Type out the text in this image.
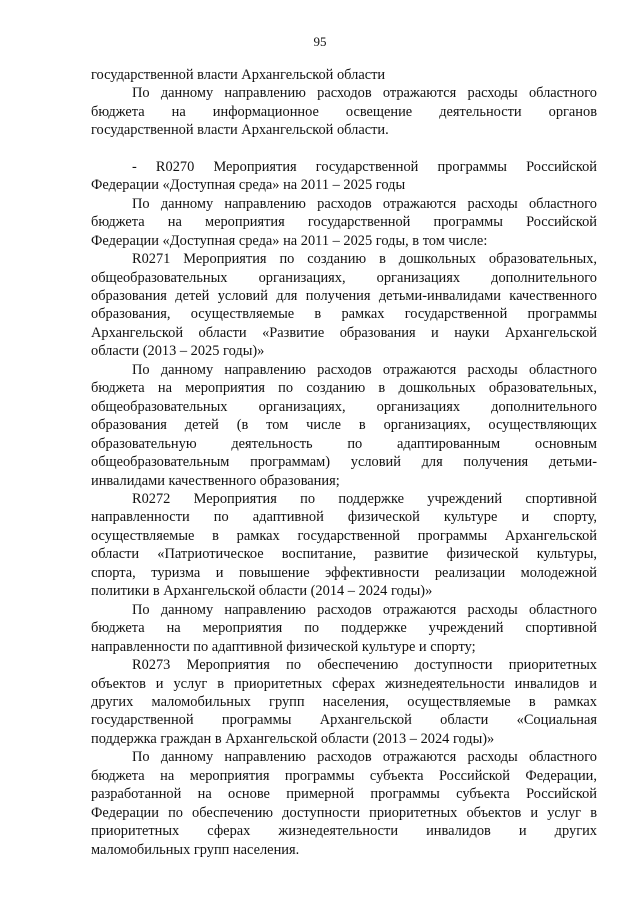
95
государственной власти Архангельской области
По данному направлению расходов отражаются расходы областного
бюджета на информационное освещение деятельности органов
государственной власти Архангельской области.
- R0270 Мероприятия государственной программы Российской
Федерации «Доступная среда» на 2011 – 2025 годы
По данному направлению расходов отражаются расходы областного
бюджета на мероприятия государственной программы Российской
Федерации «Доступная среда» на 2011 – 2025 годы, в том числе:
R0271 Мероприятия по созданию в дошкольных образовательных,
общеобразовательных организациях, организациях дополнительного
образования детей условий для получения детьми-инвалидами качественного
образования, осуществляемые в рамках государственной программы
Архангельской области «Развитие образования и науки Архангельской
области (2013 – 2025 годы)»
По данному направлению расходов отражаются расходы областного
бюджета на мероприятия по созданию в дошкольных образовательных,
общеобразовательных организациях, организациях дополнительного
образования детей (в том числе в организациях, осуществляющих
образовательную деятельность по адаптированным основным
общеобразовательным программам) условий для получения детьми-
инвалидами качественного образования;
R0272 Мероприятия по поддержке учреждений спортивной
направленности по адаптивной физической культуре и спорту,
осуществляемые в рамках государственной программы Архангельской
области «Патриотическое воспитание, развитие физической культуры,
спорта, туризма и повышение эффективности реализации молодежной
политики в Архангельской области (2014 – 2024 годы)»
По данному направлению расходов отражаются расходы областного
бюджета на мероприятия по поддержке учреждений спортивной
направленности по адаптивной физической культуре и спорту;
R0273 Мероприятия по обеспечению доступности приоритетных
объектов и услуг в приоритетных сферах жизнедеятельности инвалидов и
других маломобильных групп населения, осуществляемые в рамках
государственной программы Архангельской области «Социальная
поддержка граждан в Архангельской области (2013 – 2024 годы)»
По данному направлению расходов отражаются расходы областного
бюджета на мероприятия программы субъекта Российской Федерации,
разработанной на основе примерной программы субъекта Российской
Федерации по обеспечению доступности приоритетных объектов и услуг в
приоритетных сферах жизнедеятельности инвалидов и других
маломобильных групп населения.
